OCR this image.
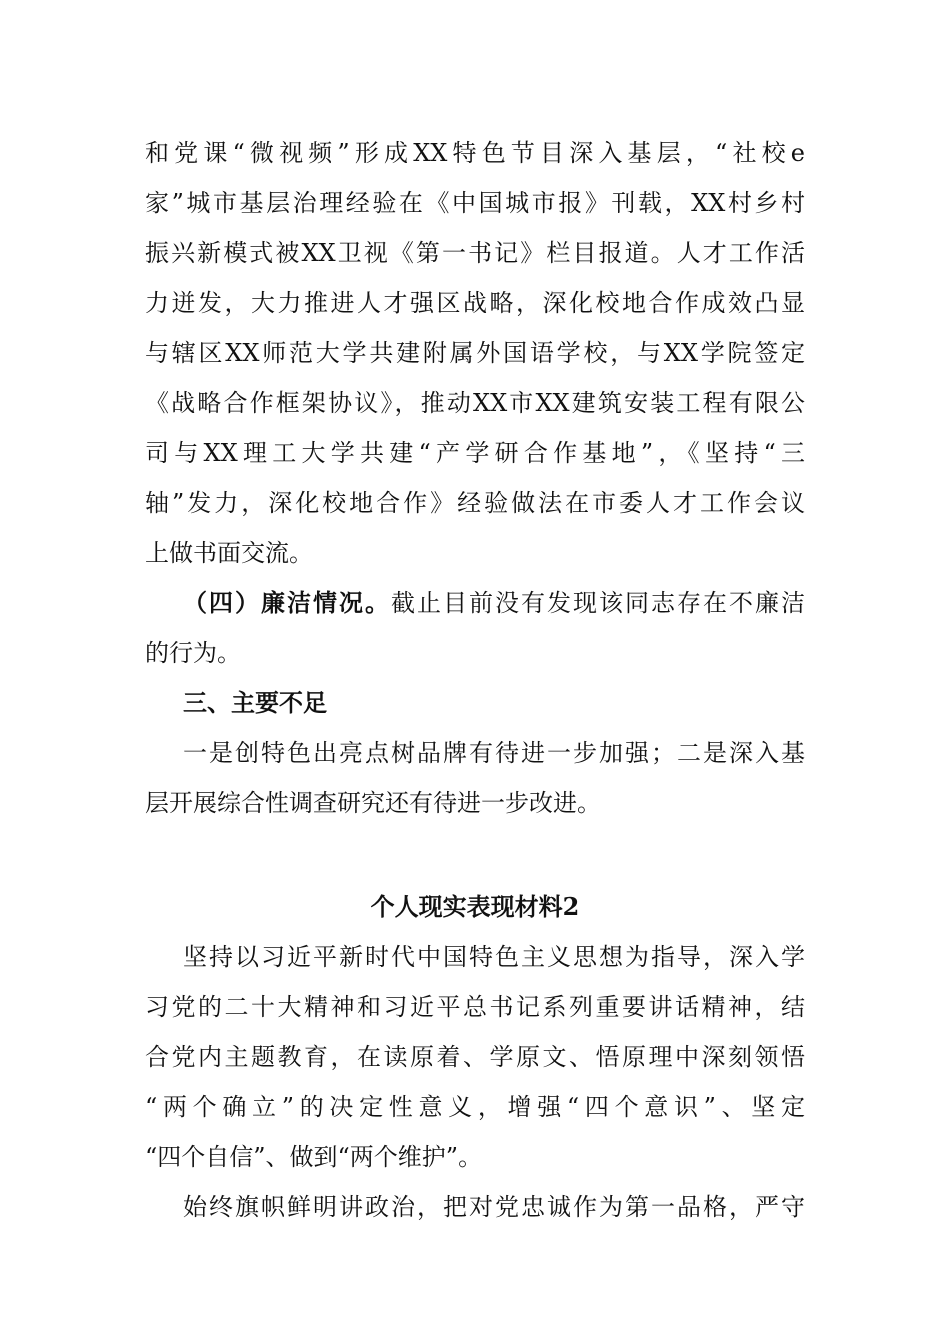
和党课“微视频”形成XX特色节目深入基层，“社校e
家”城市基层治理经验在《中国城市报》刊载，XX村乡村
振兴新模式被XX卫视《第一书记》栏目报道。人才工作活
力迸发，大力推进人才强区战略，深化校地合作成效凸显
与辖区XX师范大学共建附属外国语学校，与XX学院签定
《战略合作框架协议》，推动XX市XX建筑安装工程有限公
司与XX理工大学共建“产学研合作基地”，《坚持“三
轴”发力，深化校地合作》经验做法在市委人才工作会议
上做书面交流。
（四）廉洁情况。截止目前没有发现该同志存在不廉洁
的行为。
三、主要不足
一是创特色出亮点树品牌有待进一步加强；二是深入基
层开展综合性调查研究还有待进一步改进。
个人现实表现材料2
坚持以习近平新时代中国特色主义思想为指导，深入学
习党的二十大精神和习近平总书记系列重要讲话精神，结
合党内主题教育，在读原着、学原文、悟原理中深刻领悟
“两个确立”的决定性意义，增强“四个意识”、坚定
“四个自信”、做到“两个维护”。
始终旗帜鲜明讲政治，把对党忠诚作为第一品格，严守
